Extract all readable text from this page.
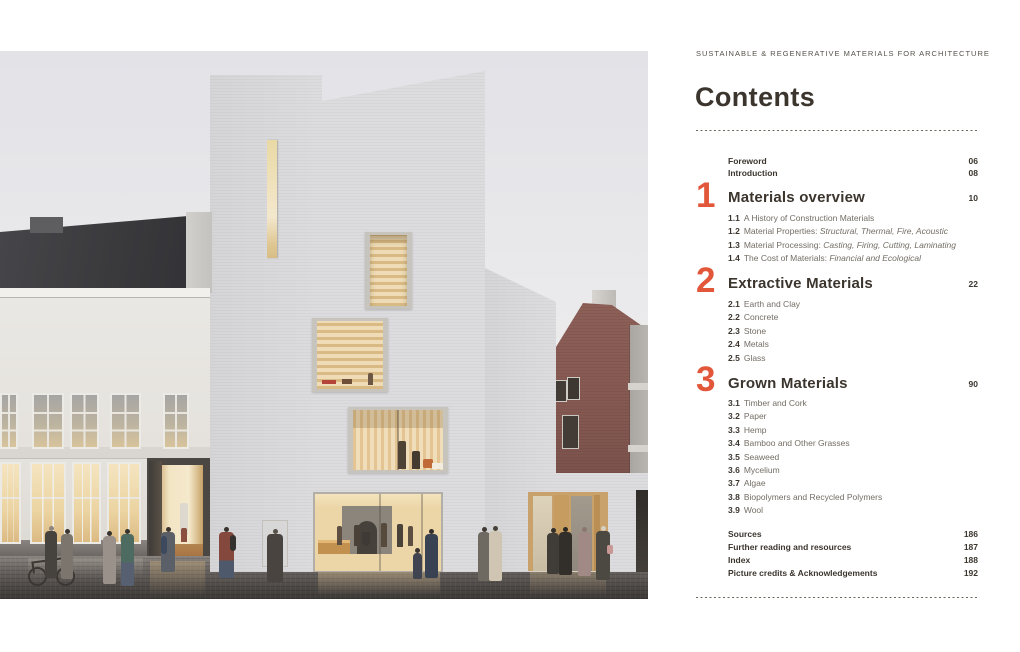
SUSTAINABLE & REGENERATIVE MATERIALS FOR ARCHITECTURE
Contents
Foreword	06
Introduction	08
1 Materials overview	10
1.1 A History of Construction Materials
1.2 Material Properties: Structural, Thermal, Fire, Acoustic
1.3 Material Processing: Casting, Firing, Cutting, Laminating
1.4 The Cost of Materials: Financial and Ecological
2 Extractive Materials	22
2.1 Earth and Clay
2.2 Concrete
2.3 Stone
2.4 Metals
2.5 Glass
3 Grown Materials	90
3.1 Timber and Cork
3.2 Paper
3.3 Hemp
3.4 Bamboo and Other Grasses
3.5 Seaweed
3.6 Mycelium
3.7 Algae
3.8 Biopolymers and Recycled Polymers
3.9 Wool
Sources	186
Further reading and resources	187
Index	188
Picture credits & Acknowledgements	192
